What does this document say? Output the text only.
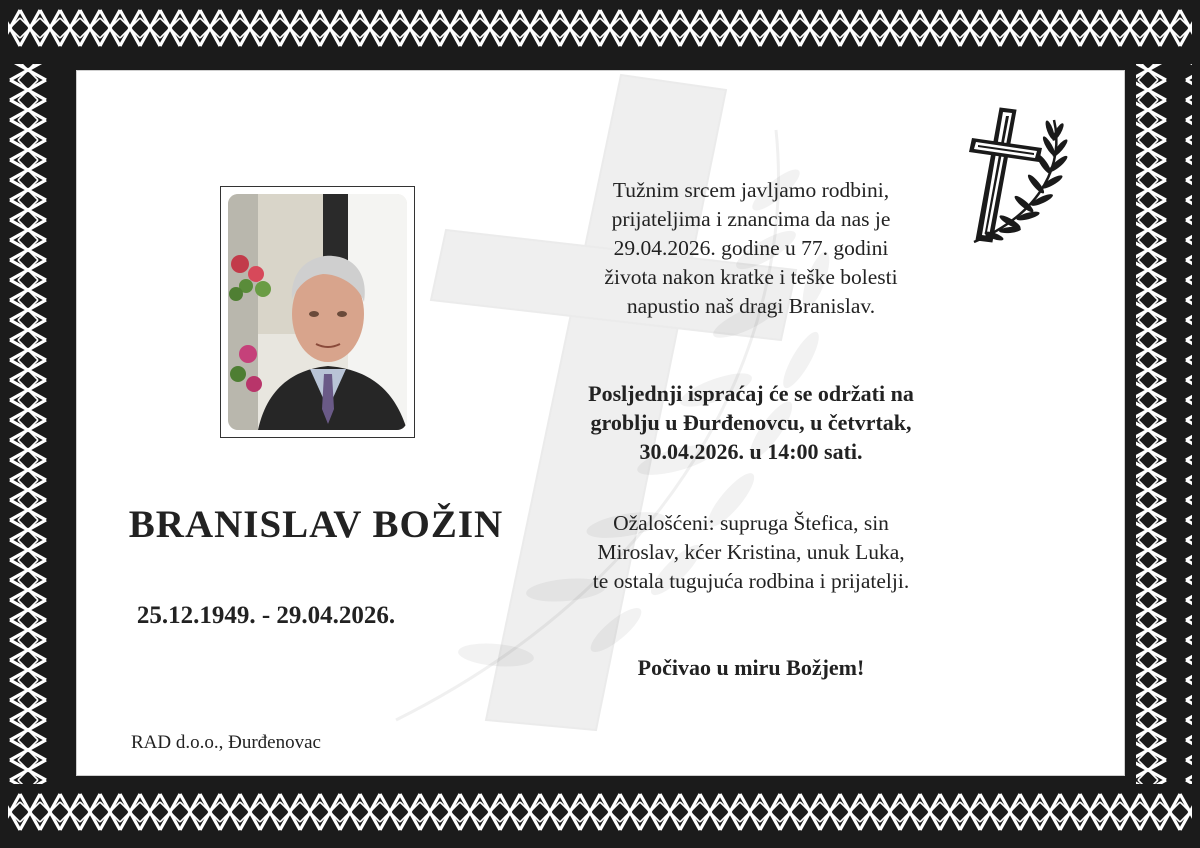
BRANISLAV BOŽIN
25.12.1949. - 29.04.2026.
RAD d.o.o., Đurđenovac
Tužnim srcem javljamo rodbini,
prijateljima i znancima da nas je
29.04.2026. godine u 77. godini
života nakon kratke i teške bolesti
napustio naš dragi Branislav.
Posljednji ispraćaj će se održati na
groblju u Đurđenovcu, u četvrtak,
30.04.2026. u 14:00 sati.
Ožalošćeni: supruga Štefica, sin
Miroslav, kćer Kristina, unuk Luka,
te ostala tugujuća rodbina i prijatelji.
Počivao u miru Božjem!
